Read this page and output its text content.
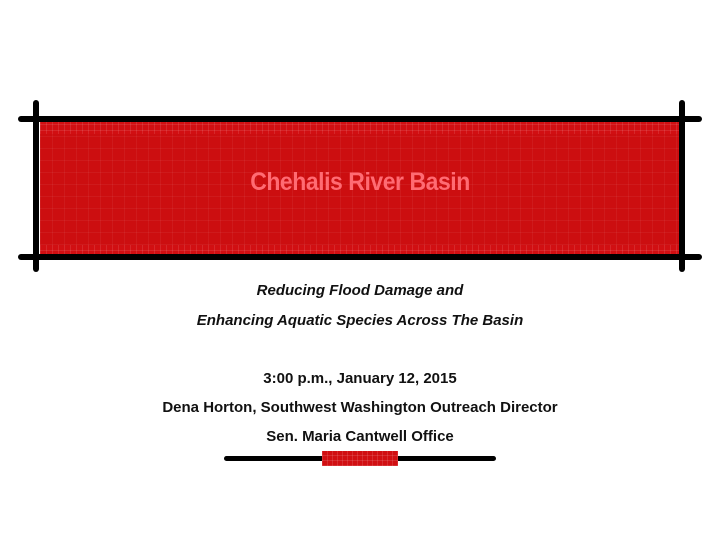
Chehalis River Basin
Reducing Flood Damage and
Enhancing Aquatic Species Across The Basin
3:00 p.m., January 12, 2015
Dena Horton, Southwest Washington Outreach Director
Sen. Maria Cantwell Office
